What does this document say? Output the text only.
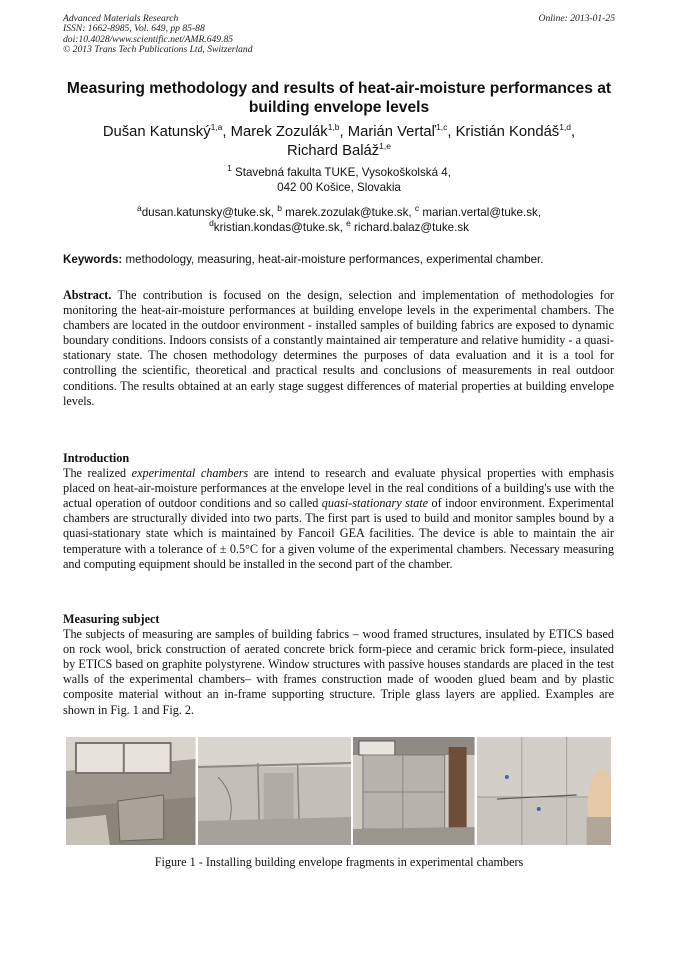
Advanced Materials Research
ISSN: 1662-8985, Vol. 649, pp 85-88
doi:10.4028/www.scientific.net/AMR.649.85
© 2013 Trans Tech Publications Ltd, Switzerland
Online: 2013-01-25
Measuring methodology and results of heat-air-moisture performances at building envelope levels
Dušan Katunský$^{1,a}$, Marek Zozulák$^{1,b}$, Marián Vertaľ$^{1,c}$, Kristián Kondáš$^{1,d}$,
Richard Baláž$^{1,e}$
$^1$ Stavebná fakulta TUKE, Vysokoškolská 4,
042 00 Košice, Slovakia
$^a$dusan.katunsky@tuke.sk, $^b$ marek.zozulak@tuke.sk, $^c$ marian.vertal@tuke.sk,
$^d$kristian.kondas@tuke.sk, $^e$ richard.balaz@tuke.sk
Keywords: methodology, measuring, heat-air-moisture performances, experimental chamber.
Abstract. The contribution is focused on the design, selection and implementation of methodologies for monitoring the heat-air-moisture performances at building envelope levels in the experimental chambers. The chambers are located in the outdoor environment - installed samples of building fabrics are exposed to dynamic boundary conditions. Indoors consists of a constantly maintained air temperature and relative humidity - a quasi-stationary state. The chosen methodology determines the purposes of data evaluation and it is a tool for controlling the scientific, theoretical and practical results and conclusions of measurements in real outdoor conditions. The results obtained at an early stage suggest differences of material properties at building envelope levels.
Introduction

The realized experimental chambers are intend to research and evaluate physical properties with emphasis placed on heat-air-moisture performances at the envelope level in the real conditions of a building's use with the actual operation of outdoor conditions and so called quasi-stationary state of indoor environment. Experimental chambers are structurally divided into two parts. The first part is used to build and monitor samples bound by a quasi-stationary state which is maintained by Fancoil GEA facilities. The device is able to maintain the air temperature with a tolerance of ± 0.5°C for a given volume of the experimental chambers. Necessary measuring and computing equipment should be installed in the second part of the chamber.

Measuring subject

The subjects of measuring are samples of building fabrics – wood framed structures, insulated by ETICS based on rock wool, brick construction of aerated concrete brick form-piece and ceramic brick form-piece, insulated by ETICS based on graphite polystyrene. Window structures with passive houses standards are placed in the test walls of the experimental chambers– with frames construction made of wooden glued beam and by plastic composite material without an in-frame supporting structure. Triple glass layers are applied. Examples are shown in Fig. 1 and Fig. 2.

Figure 1 - Installing building envelope fragments in experimental chambers
